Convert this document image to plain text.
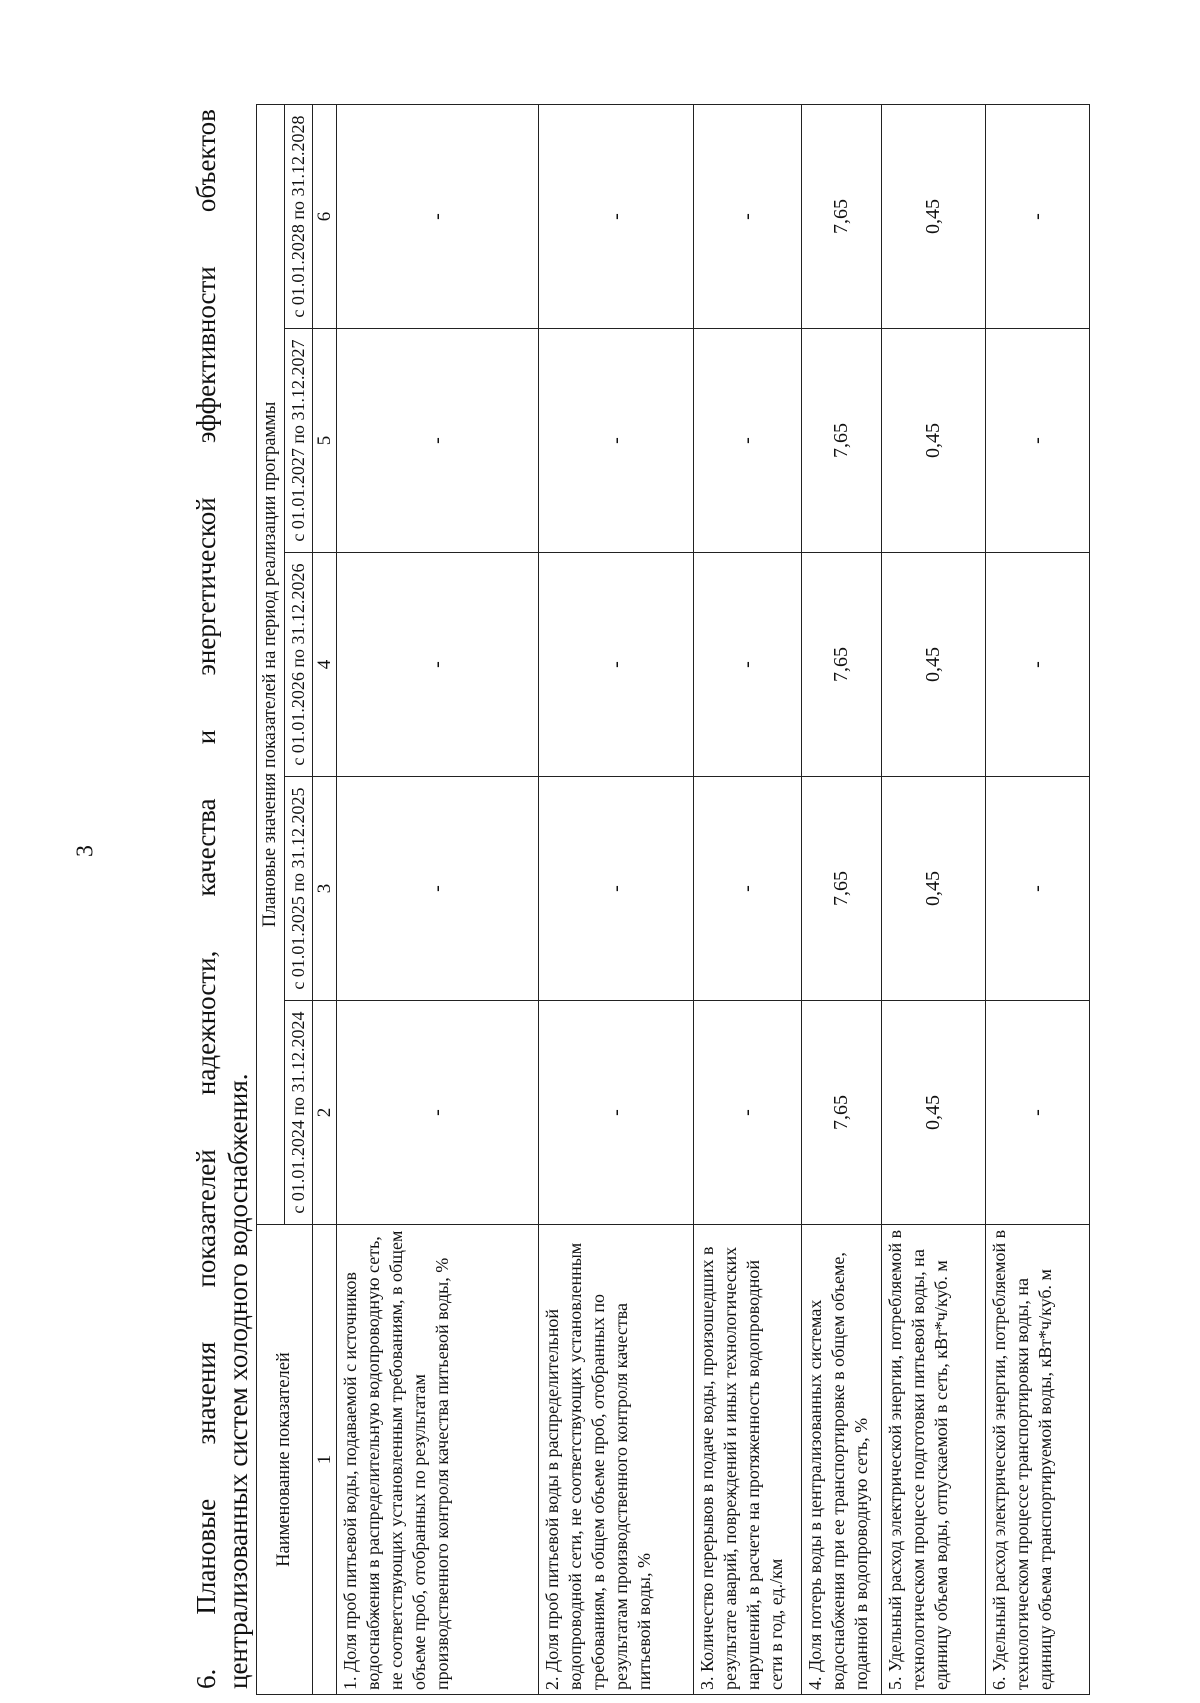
3
6.
Плановые
значения
показателей
надежности,
качества
и
энергетической
эффективности
объектов
централизованных систем холодного водоснабжения. Наименование показателей	Плановые значения показателей на период реализации программы				
	с 01.01.2024 по 31.12.2024	с 01.01.2025 по 31.12.2025	с 01.01.2026 по 31.12.2026	с 01.01.2027 по 31.12.2027	с 01.01.2028 по 31.12.2028
1	2	3	4	5	6
1. Доля проб питьевой воды, подаваемой с источников водоснабжения в распределительную водопроводную сеть, не соответствующих установленным требованиям, в общем объеме проб, отобранных по результатам производственного контроля качества питьевой воды, %	-	-	-	-	-
2. Доля проб питьевой воды в распределительной водопроводной сети, не соответствующих установленным требованиям, в общем объеме проб, отобранных по результатам производственного контроля качества питьевой воды, %	-	-	-	-	-
3. Количество перерывов в подаче воды, произошедших в результате аварий, повреждений и иных технологических нарушений, в расчете на протяженность водопроводной сети в год, ед./км	-	-	-	-	-
4. Доля потерь воды в централизованных системах водоснабжения при ее транспортировке в общем объеме, поданной в водопроводную сеть, %	7,65	7,65	7,65	7,65	7,65
5. Удельный расход электрической энергии, потребляемой в технологическом процессе подготовки питьевой воды, на единицу объема воды, отпускаемой в сеть, кВт*ч/куб. м	0,45	0,45	0,45	0,45	0,45
6. Удельный расход электрической энергии, потребляемой в технологическом процессе транспортировки воды, на единицу объема транспортируемой воды, кВт*ч/куб. м	-	-	-	-	-
